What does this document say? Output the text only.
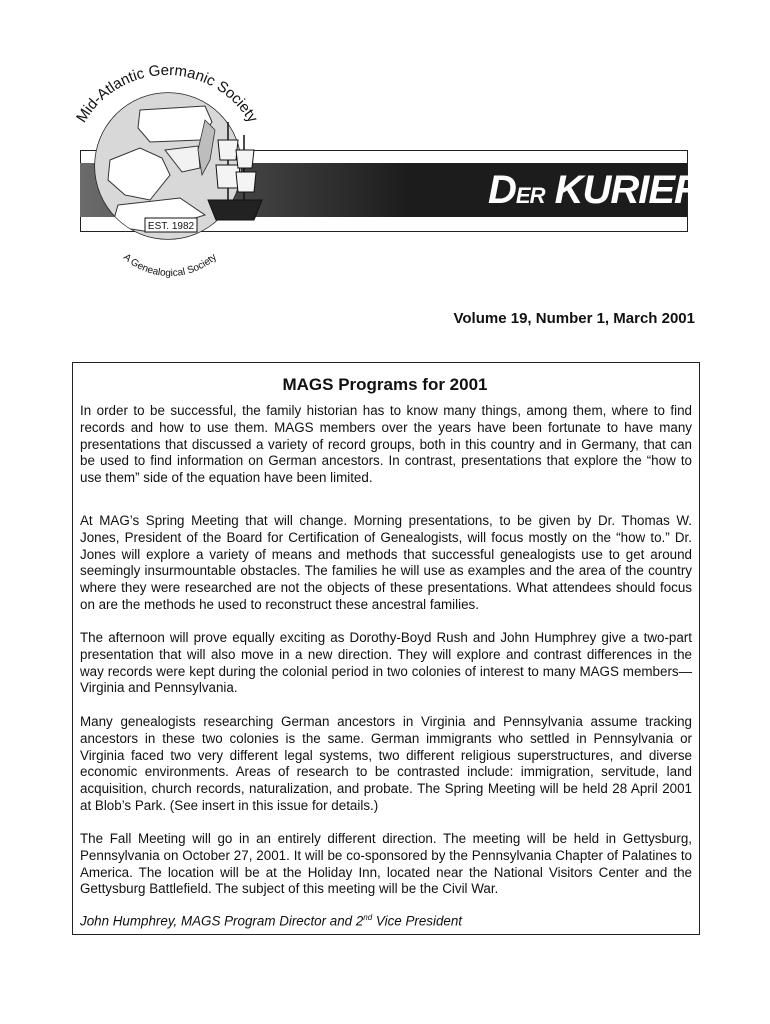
EST. 1982
Mid-Atlantic Germanic Society
A Genealogical Society
DER KURIER
Volume 19, Number 1, March 2001
MAGS Programs for 2001

In order to be successful, the family historian has to know many things, among them, where to find records and how to use them. MAGS members over the years have been fortunate to have many presentations that discussed a variety of record groups, both in this country and in Germany, that can be used to find information on German ancestors. In contrast, presentations that explore the “how to use them” side of the equation have been limited.

At MAG’s Spring Meeting that will change. Morning presentations, to be given by Dr. Thomas W. Jones, President of the Board for Certification of Genealogists, will focus mostly on the “how to.” Dr. Jones will explore a variety of means and methods that successful genealogists use to get around seemingly insurmountable obstacles. The families he will use as examples and the area of the country where they were researched are not the objects of these presentations. What attendees should focus on are the methods he used to reconstruct these ancestral families.

The afternoon will prove equally exciting as Dorothy-Boyd Rush and John Humphrey give a two-part presentation that will also move in a new direction. They will explore and contrast differences in the way records were kept during the colonial period in two colonies of interest to many MAGS members—Virginia and Pennsylvania.

Many genealogists researching German ancestors in Virginia and Pennsylvania assume tracking ancestors in these two colonies is the same. German immigrants who settled in Pennsylvania or Virginia faced two very different legal systems, two different religious superstructures, and diverse economic environments. Areas of research to be contrasted include: immigration, servitude, land acquisition, church records, naturalization, and probate. The Spring Meeting will be held 28 April 2001 at Blob’s Park. (See insert in this issue for details.)

The Fall Meeting will go in an entirely different direction. The meeting will be held in Gettysburg, Pennsylvania on October 27, 2001. It will be co-sponsored by the Pennsylvania Chapter of Palatines to America. The location will be at the Holiday Inn, located near the National Visitors Center and the Gettysburg Battlefield. The subject of this meeting will be the Civil War.

John Humphrey, MAGS Program Director and 2nd Vice President
